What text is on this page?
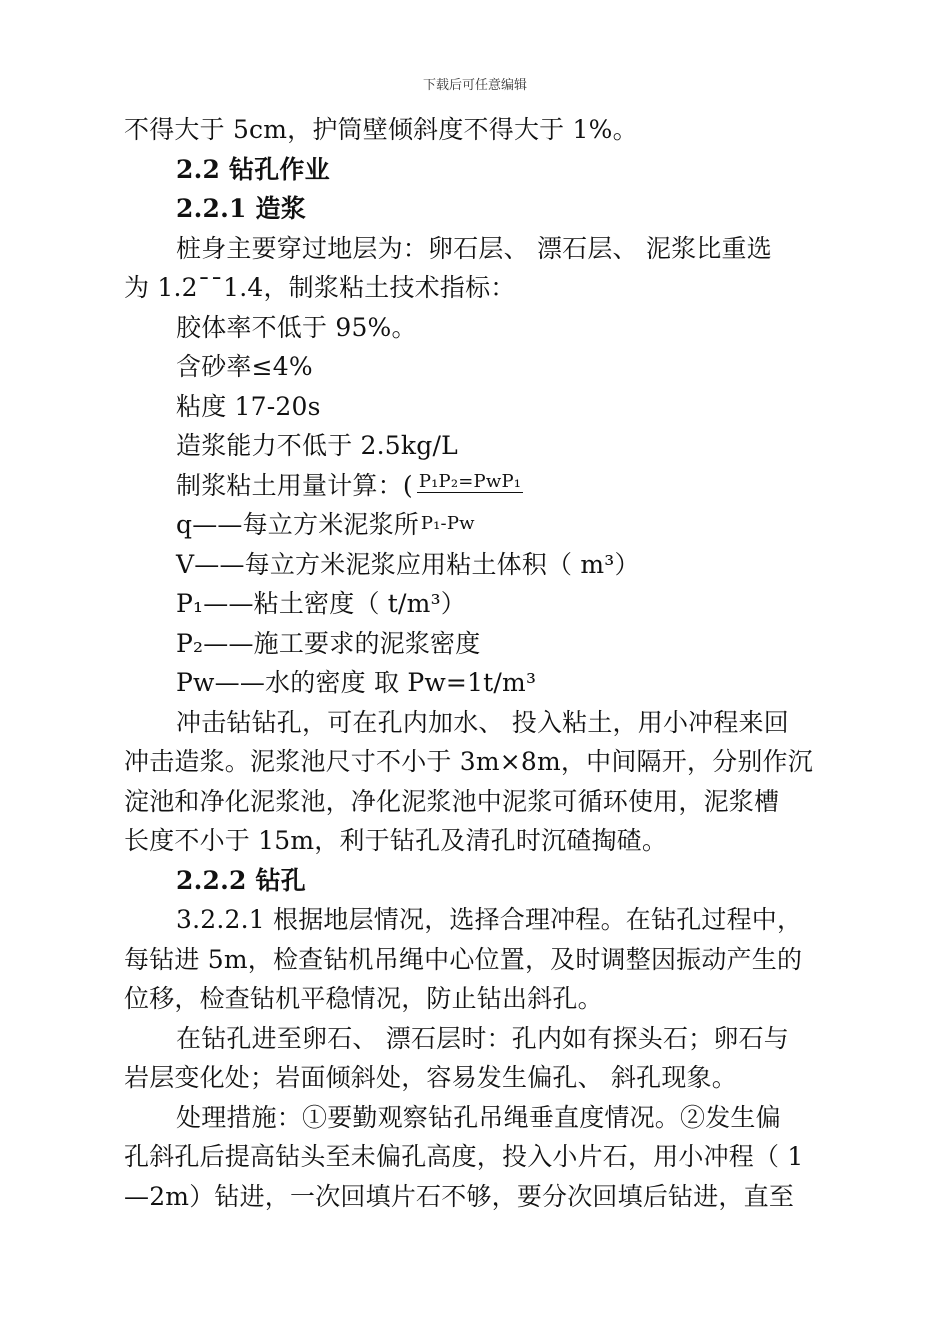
下载后可任意编辑
不得大于 5cm，护筒壁倾斜度不得大于 1%。
2.2 钻孔作业
2.2.1 造浆
桩身主要穿过地层为：卵石层、 漂石层、 泥浆比重选
为 1.2¯¯1.4，制浆粘土技术指标：
胶体率不低于 95%。
含砂率≤4%
粘度 17-20s
造浆能力不低于 2.5kg/L
制浆粘土用量计算：(
$\frac{\text{P₁P₂=PwP₁}}{\text{P₁-Pw}}$
q——每立方米泥浆所
V——每立方米泥浆应用粘土体积（ m³）
P₁——粘土密度（ t/m³）
P₂——施工要求的泥浆密度
Pw——水的密度 取 Pw=1t/m³
冲击钻钻孔，可在孔内加水、 投入粘土，用小冲程来回
冲击造浆。泥浆池尺寸不小于 3m×8m，中间隔开，分别作沉
淀池和净化泥浆池，净化泥浆池中泥浆可循环使用，泥浆槽
长度不小于 15m，利于钻孔及清孔时沉碴掏碴。
2.2.2 钻孔
3.2.2.1 根据地层情况，选择合理冲程。在钻孔过程中，
每钻进 5m，检查钻机吊绳中心位置，及时调整因振动产生的
位移，检查钻机平稳情况，防止钻出斜孔。
在钻孔进至卵石、 漂石层时：孔内如有探头石；卵石与
岩层变化处；岩面倾斜处，容易发生偏孔、 斜孔现象。
处理措施：①要勤观察钻孔吊绳垂直度情况。②发生偏
孔斜孔后提高钻头至未偏孔高度，投入小片石，用小冲程（ 1
—2m）钻进，一次回填片石不够，要分次回填后钻进，直至
